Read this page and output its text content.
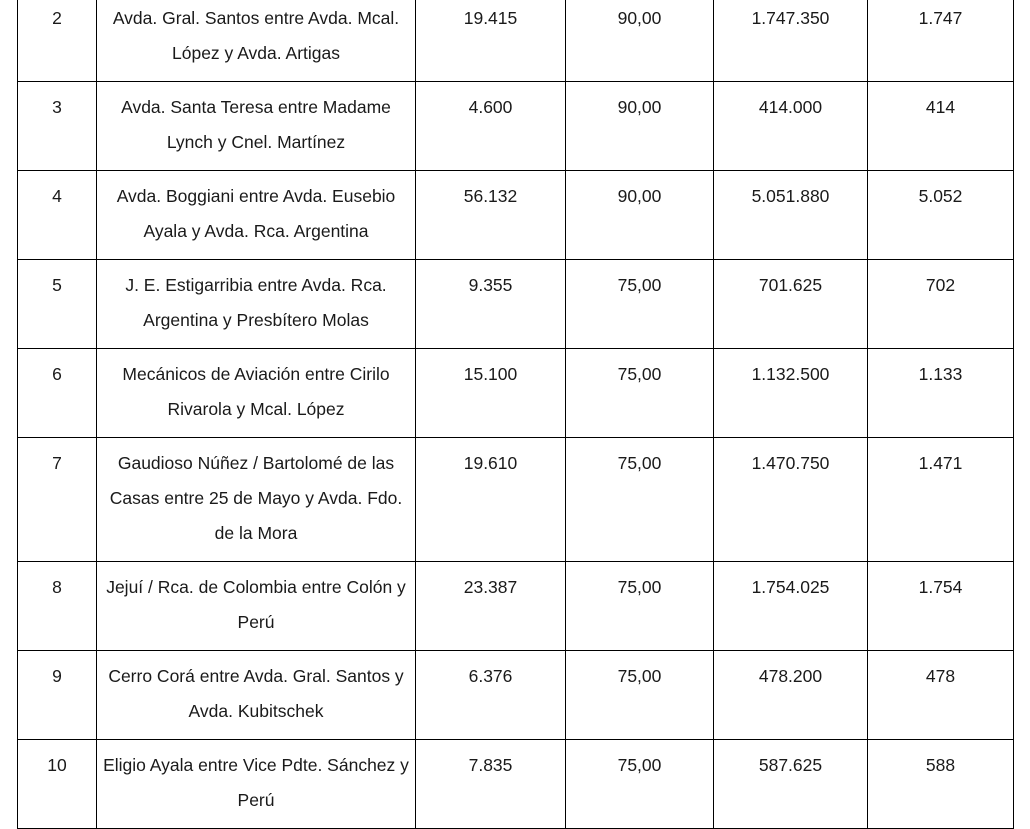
2	Avda. Gral. Santos entre Avda. Mcal. López y Avda. Artigas	19.415	90,00	1.747.350	1.747
3	Avda. Santa Teresa entre Madame Lynch y Cnel. Martínez	4.600	90,00	414.000	414
4	Avda. Boggiani entre Avda. Eusebio Ayala y Avda. Rca. Argentina	56.132	90,00	5.051.880	5.052
5	J. E. Estigarribia entre Avda. Rca. Argentina y Presbítero Molas	9.355	75,00	701.625	702
6	Mecánicos de Aviación entre Cirilo Rivarola y Mcal. López	15.100	75,00	1.132.500	1.133
7	Gaudioso Núñez / Bartolomé de las Casas entre 25 de Mayo y Avda. Fdo. de la Mora	19.610	75,00	1.470.750	1.471
8	Jejuí / Rca. de Colombia entre Colón y Perú	23.387	75,00	1.754.025	1.754
9	Cerro Corá entre Avda. Gral. Santos y Avda. Kubitschek	6.376	75,00	478.200	478
10	Eligio Ayala entre Vice Pdte. Sánchez y Perú	7.835	75,00	587.625	588
